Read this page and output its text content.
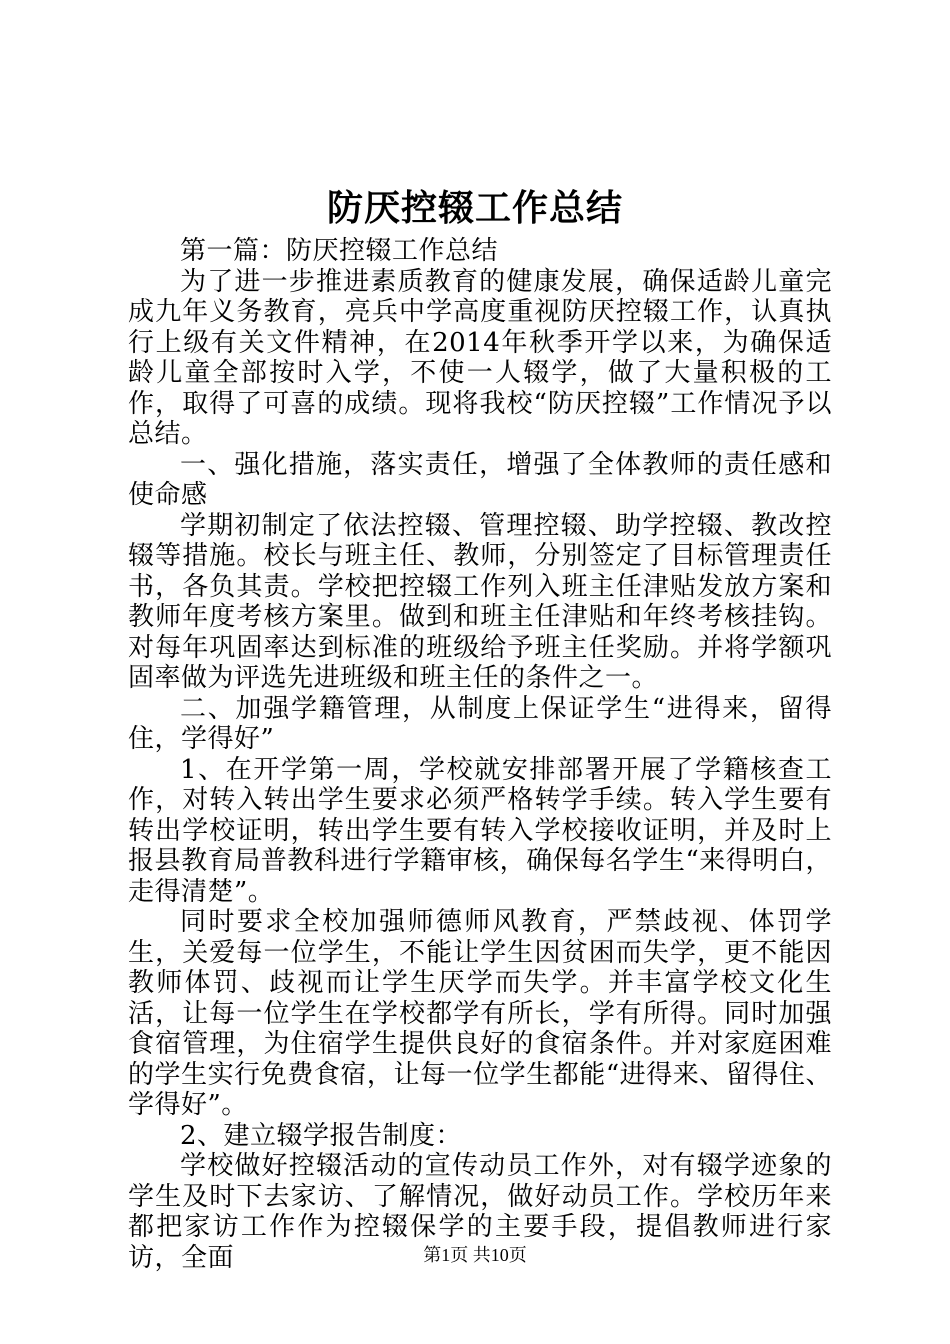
防厌控辍工作总结

第一篇：防厌控辍工作总结

为了进一步推进素质教育的健康发展，确保适龄儿童完成九年义务教育，亮兵中学高度重视防厌控辍工作，认真执行上级有关文件精神，在2014年秋季开学以来，为确保适龄儿童全部按时入学，不使一人辍学，做了大量积极的工作，取得了可喜的成绩。现将我校“防厌控辍”工作情况予以总结。

一、强化措施，落实责任，增强了全体教师的责任感和使命感

学期初制定了依法控辍、管理控辍、助学控辍、教改控辍等措施。校长与班主任、教师，分别签定了目标管理责任书，各负其责。学校把控辍工作列入班主任津贴发放方案和教师年度考核方案里。做到和班主任津贴和年终考核挂钩。对每年巩固率达到标准的班级给予班主任奖励。并将学额巩固率做为评选先进班级和班主任的条件之一。

二、加强学籍管理，从制度上保证学生“进得来，留得住，学得好”

1、在开学第一周，学校就安排部署开展了学籍核查工作，对转入转出学生要求必须严格转学手续。转入学生要有转出学校证明，转出学生要有转入学校接收证明，并及时上报县教育局普教科进行学籍审核，确保每名学生“来得明白，走得清楚”。

同时要求全校加强师德师风教育，严禁歧视、体罚学生，关爱每一位学生，不能让学生因贫困而失学，更不能因教师体罚、歧视而让学生厌学而失学。并丰富学校文化生活，让每一位学生在学校都学有所长，学有所得。同时加强食宿管理，为住宿学生提供良好的食宿条件。并对家庭困难的学生实行免费食宿，让每一位学生都能“进得来、留得住、学得好”。

2、建立辍学报告制度：

学校做好控辍活动的宣传动员工作外，对有辍学迹象的学生及时下去家访、了解情况，做好动员工作。学校历年来都把家访工作作为控辍保学的主要手段，提倡教师进行家访，全面	第1页 共10页
